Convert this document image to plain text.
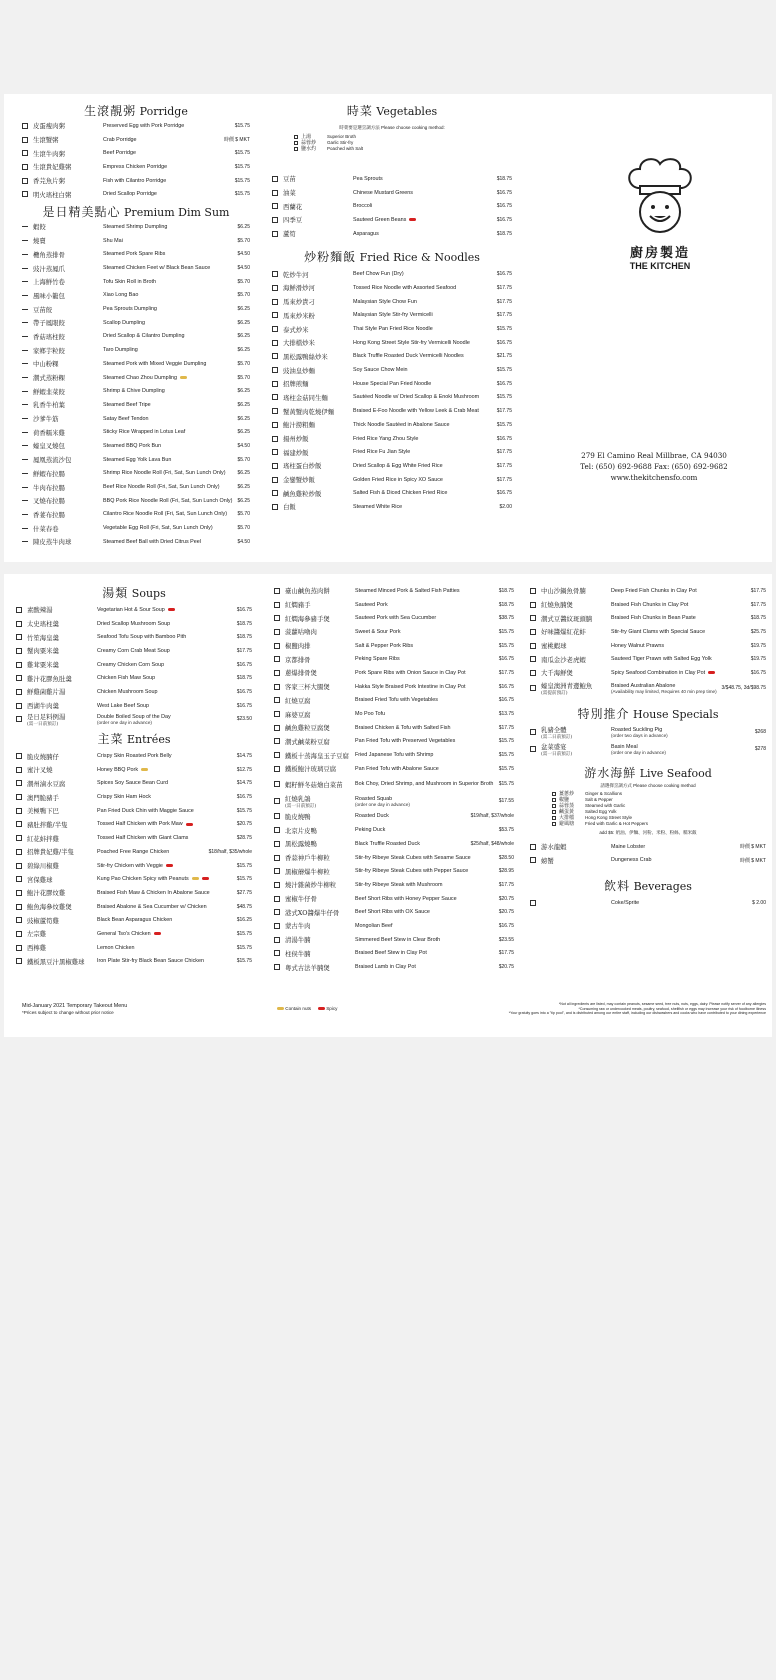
生滾靚粥 Porridge
皮蛋瘦肉粥	Preserved Egg with Pork Porridge	$15.75
生滾蟹粥	Crab Porridge	時價 $ MKT
生滾牛肉粥	Beef Porridge	$15.75
生滾貴妃雞粥	Empress Chicken Porridge	$15.75
香芫魚片粥	Fish with Cilantro Porridge	$15.75
明火瑤柱白粥	Dried Scallop Porridge	$15.75
是日精美點心 Premium Dim Sum
蝦餃	Steamed Shrimp Dumpling	$6.25
燒賣	Shu Mai	$5.70
欖角蒸排骨	Steamed Pork Spare Ribs	$4.50
豉汁蒸鳳爪	Steamed Chicken Feet w/ Black Bean Sauce	$4.50
上海鮮竹卷	Tofu Skin Roll in Broth	$5.70
風味小籠包	Xiao Long Bao	$5.70
豆苗餃	Pea Sprouts Dumpling	$6.25
帶子鳳眼餃	Scallop Dumpling	$6.25
香菇瑤柱餃	Dried Scallop & Cilantro Dumpling	$6.25
家鄉芋粒餃	Taro Dumpling	$6.25
中山粉粿	Steamed Pork with Mixed Veggie Dumpling	$5.70
潮式蒸粉粿	Steamed Chao Zhou Dumpling	$5.70
鮮蝦韭菜餃	Shrimp & Chive Dumpling	$6.25
乳香牛柏葉	Steamed Beef Tripe	$6.25
沙爹牛筋	Satay Beef Tendon	$6.25
荷香糯米雞	Sticky Rice Wrapped in Lotus Leaf	$6.25
蠔皇叉燒包	Steamed BBQ Pork Bun	$4.50
鳳凰蒸流沙包	Steamed Egg Yolk Lava Bun	$5.70
鮮蝦布拉腸	Shrimp Rice Noodle Roll (Fri, Sat, Sun Lunch Only)	$6.25
牛肉布拉腸	Beef Rice Noodle Roll (Fri, Sat, Sun Lunch Only)	$6.25
叉燒布拉腸	BBQ Pork Rice Noodle Roll (Fri, Sat, Sun Lunch Only)	$6.25
香荽布拉腸	Cilantro Rice Noodle Roll (Fri, Sat, Sun Lunch Only)	$5.70
什菜春卷	Vegetable Egg Roll (Fri, Sat, Sun Lunch Only)	$5.70
陳皮蒸牛肉球	Steamed Beef Ball with Dried Citrus Peel	$4.50
時菜 Vegetables
時菜要是選烹調方法 Please choose cooking method:
上湯	Superior Broth
蒜蓉炒	Garlic Stir-fry
鹽水灼	Poached with Salt
豆苗	Pea Sprouts	$18.75
油菜	Chinese Mustard Greens	$16.75
西蘭花	Broccoli	$16.75
四季豆	Sauteed Green Beans	$16.75
蘆筍	Asparagus	$18.75
炒粉麵飯 Fried Rice & Noodles
乾炒牛河	Beef Chow Fun (Dry)	$16.75
海鮮滑炒河	Tossed Rice Noodle with Assorted Seafood	$17.75
馬來炒貴刁	Malaysian Style Chow Fun	$17.75
馬來炒米粉	Malaysian Style Stir-fry Vermicelli	$17.75
泰式炒米	Thai Style Pan Fried Rice Noodle	$15.75
大排檔炒米	Hong Kong Street Style Stir-fry Vermicelli Noodle	$16.75
黑松露鴨絲炒米	Black Truffle Roasted Duck Vermicelli Noodles	$21.75
豉油皇炒麵	Soy Sauce Chow Mein	$15.75
招牌煎麵	House Special Pan Fried Noodle	$16.75
瑤柱金菇同生麵	Sautéed Noodle w/ Dried Scallop & Enoki Mushroom	$15.75
蟹黃蟹肉乾燒伊麵	Braised E-Foo Noodle with Yellow Leek & Crab Meat	$17.75
鮑汁撈粗麵	Thick Noodle Sautéed in Abalone Sauce	$15.75
揚州炒飯	Fried Rice Yang Zhou Style	$16.75
福建炒飯	Fried Rice Fu Jian Style	$17.75
瑤柱蛋白炒飯	Dried Scallop & Egg White Fried Rice	$17.75
金鑾蟹炒飯	Golden Fried Rice in Spicy XO Sauce	$17.75
鹹魚雞粒炒飯	Salted Fish & Diced Chicken Fried Rice	$16.75
白飯	Steamed White Rice	$2.00
廚房製造
THE KITCHEN
279 El Camino Real Millbrae, CA 94030
Tel: (650) 692-9688 Fax: (650) 692-9682
www.thekitchensfo.com
湯類 Soups
素酸辣湯	Vegetarian Hot & Sour Soup	$16.75
太史瑤柱羹	Dried Scallop Mushroom Soup	$18.75
竹笙海皇羹	Seafood Tofu Soup with Bamboo Pith	$18.75
蟹肉粟米羹	Creamy Corn Crab Meat Soup	$17.75
雞茸粟米羹	Creamy Chicken Corn Soup	$16.75
雞汁花膠魚肚羹	Chicken Fish Maw Soup	$18.75
鮮雞菌雞片湯	Chicken Mushroom Soup	$16.75
西湖牛肉羹	West Lake Beef Soup	$16.75
是日足料例湯
(需一日前預訂)
Double Boiled Soup of the Day
(order one day in advance)	$23.50
主菜 Entrées
脆皮燒腩仔	Crispy Skin Roasted Pork Belly	$14.75
蜜汁叉燒	Honey BBQ Pork	$12.75
潮州滷水豆腐	Spices Soy Sauce Bean Curd	$14.75
澳門脆豬手	Crispy Skin Ham Hock	$16.75
美極鴨下巴	Pan Fried Duck Chin with Maggie Sauce	$15.75
豬肚拌雞/半隻	Tossed Half Chicken with Pork Maw	$20.75
紅花蚌拌雞	Tossed Half Chicken with Giant Clams	$28.75
招牌貴妃雞/半隻	Poached Free Range Chicken	$18/half, $35/whole
碧綠川椒雞	Stir-fry Chicken with Veggie	$15.75
宮保雞球	Kung Pao Chicken Spicy with Peanuts	$15.75
鮑汁花膠炆雞	Braised Fish Maw & Chicken In Abalone Sauce	$27.75
鮑魚海參炆雞煲	Braised Abalone & Sea Cucumber w/ Chicken	$48.75
豉椒蘆筍雞	Black Bean Asparagus Chicken	$16.25
左宗雞	General Tso's Chicken	$15.75
西檸雞	Lemon Chicken	$15.75
鐵板黑豆汁黑椒雞球	Iron Plate Stir-fry Black Bean Sauce Chicken	$15.75
臺山鹹魚蒸肉餅	Steamed Minced Pork & Salted Fish Patties	$18.75
紅燜豬手	Sauteed Pork	$18.75
紅燜海參豬手煲	Sauteed Pork with Sea Cucumber	$38.75
菠蘿咕嚕肉	Sweet & Sour Pork	$15.75
椒鹽肉排	Salt & Pepper Pork Ribs	$15.75
京都排骨	Peking Spare Ribs	$16.75
蔥爆排骨煲	Pork Spare Ribs with Onion Sauce in Clay Pot	$17.75
客家三杯大腸煲	Hakka Style Braised Pork Intestine in Clay Pot	$16.75
紅燒豆腐	Braised Fried Tofu with Vegetables	$16.75
麻婆豆腐	Mo Poo Tofu	$13.75
鹹魚雞粒豆腐煲	Braised Chicken & Tofu with Salted Fish	$17.75
潮式鹹菜粉豆腐	Pan Fried Tofu with Preserved Vegetables	$15.75
鐵板十蒸海皇玉子豆腐	Fried Japanese Tofu with Shrimp	$15.75
鐵板鮑汁玻璃豆腐	Pan Fried Tofu with Abalone Sauce	$15.75
蝦籽鮮冬菇燴白菜苗	Bok Choy, Dried Shrimp, and Mushroom in Superior Broth	$15.75
紅燒乳鴿
(需一日前預訂)
Roasted Squab
(order one day in advance)	$17.55
脆皮燒鴨	Roasted Duck	$19/half, $37/whole
北京片皮鴨	Peking Duck	$53.75
黑松露燒鴨	Black Truffle Roasted Duck	$25/half, $48/whole
香蒜神戶牛柳粒	Stir-fry Ribeye Steak Cubes with Sesame Sauce	$28.50
黑椒蘑爆牛柳粒	Stir-fry Ribeye Steak Cubes with Pepper Sauce	$28.95
燒汁雜菌炒牛柳粒	Stir-fry Ribeye Steak with Mushroom	$17.75
蜜椒牛仔骨	Beef Short Ribs with Honey Pepper Sauce	$20.75
港式XO醬爆牛仔骨	Beef Short Ribs with OX Sauce	$20.75
蒙古牛肉	Mongolian Beef	$16.75
清湯牛腩	Simmered Beef Stew in Clear Broth	$23.55
柱侯牛腩	Braised Beef Stew in Clay Pot	$17.75
粵式古法羊腩煲	Braised Lamb in Clay Pot	$20.75
中山沙鍋魚骨腩	Deep Fried Fish Chunks in Clay Pot	$17.75
紅燒魚腩煲	Braised Fish Chunks in Clay Pot	$17.75
潮式豆醬紋斑頭腩	Braised Fish Chunks in Bean Paste	$18.75
好味醬爆紅花蚌	Stir-fry Giant Clams with Special Sauce	$25.75
蜜桃蝦球	Honey Walnut Prawns	$19.75
南瓜金沙老虎蝦	Sauteed Tiger Prawn with Salted Egg Yolk	$19.75
大千海鮮煲	Spicy Seafood Combination in Clay Pot	$16.75
蠔皇澳洲青邊鮑魚
(需提前預訂)
Braised Australian Abalone
(Availability may limited, Requires 40 min prep time) 3/$48.75, 3d/$98.75
特別推介 House Specials
乳豬全體
(需二日前預訂)
Roasted Suckling Pig
(order two days in advance)	$268
盆菜盛宴
(需一日前預訂)
Basin Meal
(order one day in advance)	$278
游水海鮮 Live Seafood
請選擇烹調方式 Please choose cooking method
薑蔥炒	Ginger & Scallions
椒鹽	Salt & Pepper
蒜蓉蒸	Steamed with Garlic
鹹蛋黃	Salted Egg Yolk
大排檔	Hong Kong Street Style
避風塘	Fried with Garlic & Hot Peppers
add $5: 奶油、伊麵、河粉、米粉、粉絲、糯米飯
游水龍蝦	Maine Lobster	時價 $ MKT
螃蟹	Dungeness Crab	時價 $ MKT
飲料 Beverages
Coke/Sprite	$ 2.00
Mid-January 2021 Temporary Takeout Menu
*Prices subject to change without prior notice
Contain nuts	Spicy
*Not all ingredients are listed, may contain peanuts, sesame seed, tree nuts, nuts, eggs, dairy. Please notify server of any allergies
*Consuming raw or undercooked meats, poultry, seafood, shellfish or eggs may increase your risk of foodborne illness
*Your gratuity goes into a "tip pool", and is distributed among our entire staff, including our dishwashers and cooks who have contributed to your dining experience
